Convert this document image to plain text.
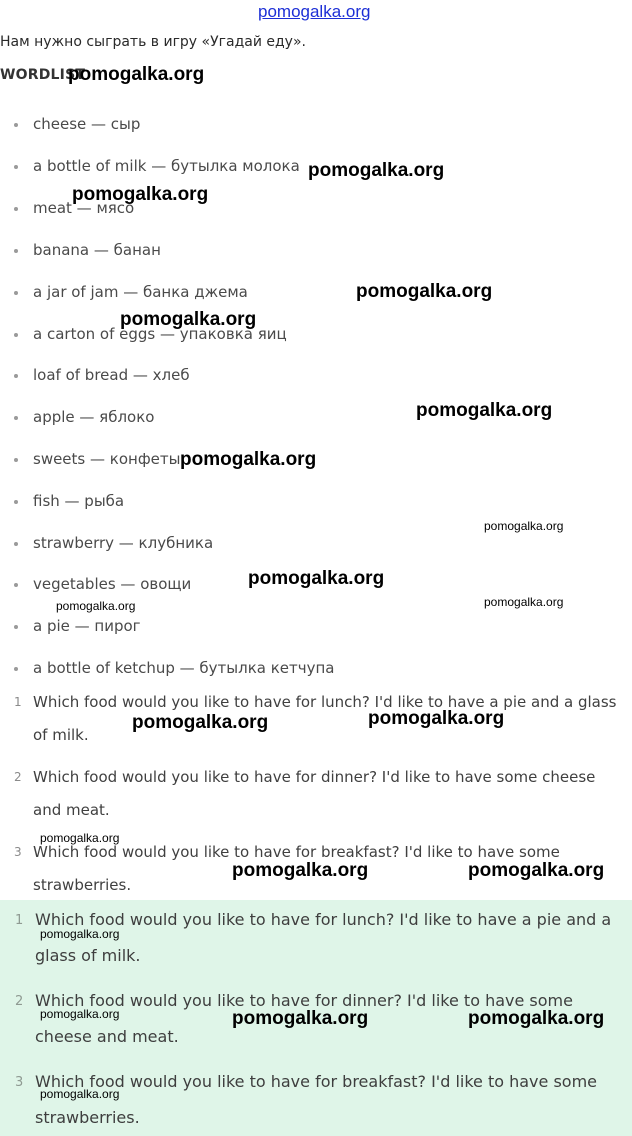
pomogalka.org
pomogalka.org
pomogalka.org
pomogalka.org
pomogalka.org
pomogalka.org
pomogalka.org
pomogalka.org
pomogalka.org
pomogalka.org
pomogalka.org
pomogalka.org
pomogalka.org	pomogalka.org
pomogalka.org
pomogalka.org	pomogalka.org
pomogalka.org
pomogalka.org	pomogalka.org	pomogalka.org
pomogalka.org
Нам нужно сыграть в игру «Угадай еду».
WORDLIST
cheese — сыр
a bottle of milk — бутылка молока
meat — мясо
banana — банан
a jar of jam — банка джема
a carton of eggs — упаковка яиц
loaf of bread — хлеб
apple — яблоко
sweets — конфеты
fish — рыба
strawberry — клубника
vegetables — овощи
a pie — пирог
a bottle of ketchup — бутылка кетчупа
1 Which food would you like to have for lunch? I'd like to have a pie and a glass of milk.
2 Which food would you like to have for dinner? I'd like to have some cheese and meat.
3 Which food would you like to have for breakfast? I'd like to have some strawberries.
1 Which food would you like to have for lunch? I'd like to have a pie and a glass of milk.
2 Which food would you like to have for dinner? I'd like to have some cheese and meat.
3 Which food would you like to have for breakfast? I'd like to have some strawberries.
